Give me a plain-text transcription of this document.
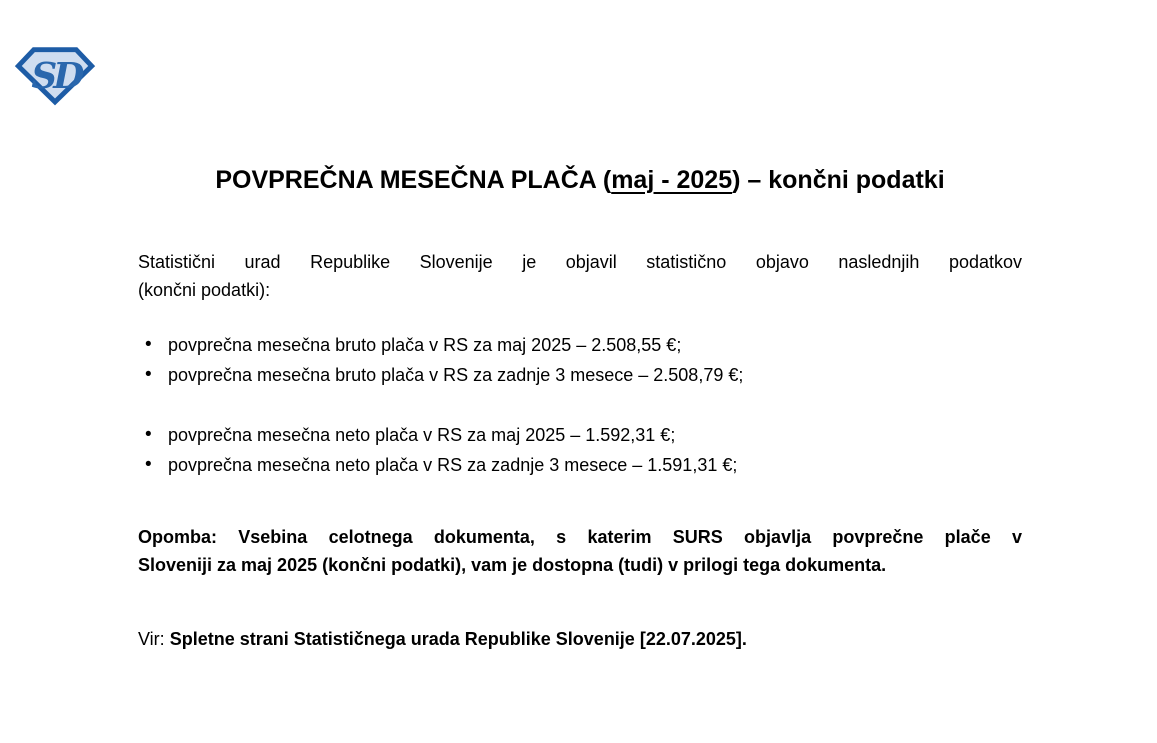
SD
POVPREČNA MESEČNA PLAČA (maj - 2025) – končni podatki
Statistični urad Republike Slovenije je objavil statistično objavo naslednjih podatkov
(končni podatki):
• povprečna mesečna bruto plača v RS za maj 2025 – 2.508,55 €;
• povprečna mesečna bruto plača v RS za zadnje 3 mesece – 2.508,79 €;
• povprečna mesečna neto plača v RS za maj 2025 – 1.592,31 €;
• povprečna mesečna neto plača v RS za zadnje 3 mesece – 1.591,31 €;
Opomba: Vsebina celotnega dokumenta, s katerim SURS objavlja povprečne plače v
Sloveniji za maj 2025 (končni podatki), vam je dostopna (tudi) v prilogi tega dokumenta.
Vir: Spletne strani Statističnega urada Republike Slovenije [22.07.2025].
